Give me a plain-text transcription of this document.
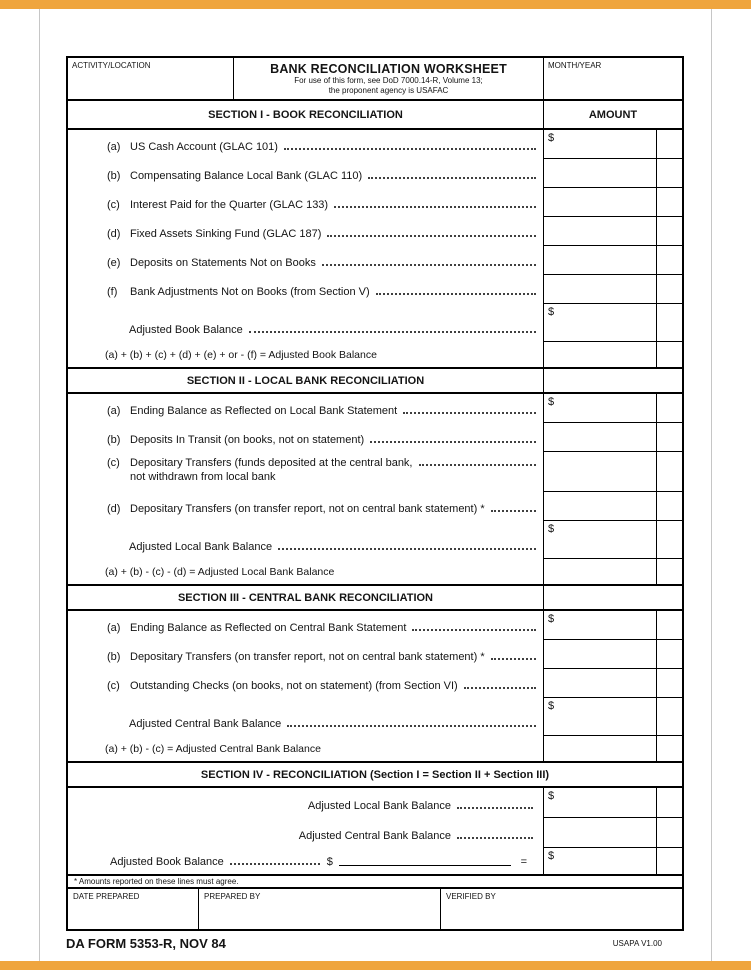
ACTIVITY/LOCATION	BANK RECONCILIATION WORKSHEET
For use of this form, see DoD 7000.14-R, Volume 13;
the proponent agency is USAFAC
MONTH/YEAR
SECTION I - BOOK RECONCILIATION	AMOUNT
(a) US Cash Account (GLAC 101)
$
(b) Compensating Balance Local Bank (GLAC 110)
(c) Interest Paid for the Quarter (GLAC 133)
(d) Fixed Assets Sinking Fund (GLAC 187)
(e) Deposits on Statements Not on Books
(f)	Bank Adjustments Not on Books (from Section V)
Adjusted Book Balance
$
(a) + (b) + (c) + (d) + (e) + or - (f) = Adjusted Book Balance
SECTION II - LOCAL BANK RECONCILIATION
(a) Ending Balance as Reflected on Local Bank Statement
$
(b) Deposits In Transit (on books, not on statement)
(c) Depositary Transfers (funds deposited at the central bank,
not withdrawn from local bank
(d) Depositary Transfers (on transfer report, not on central bank statement) *
Adjusted Local Bank Balance
$
(a) + (b) - (c) - (d) = Adjusted Local Bank Balance
SECTION III - CENTRAL BANK RECONCILIATION
(a) Ending Balance as Reflected on Central Bank Statement
$
(b) Depositary Transfers (on transfer report, not on central bank statement) *
(c) Outstanding Checks (on books, not on statement) (from Section VI)
Adjusted Central Bank Balance
$
(a) + (b) - (c) = Adjusted Central Bank Balance
SECTION IV - RECONCILIATION (Section I = Section II + Section III)
Adjusted Local Bank Balance
$
Adjusted Central Bank Balance
Adjusted Book Balance	$	=	$
* Amounts reported on these lines must agree.
DATE PREPARED	PREPARED BY	VERIFIED BY
DA FORM 5353-R, NOV 84	USAPA V1.00
